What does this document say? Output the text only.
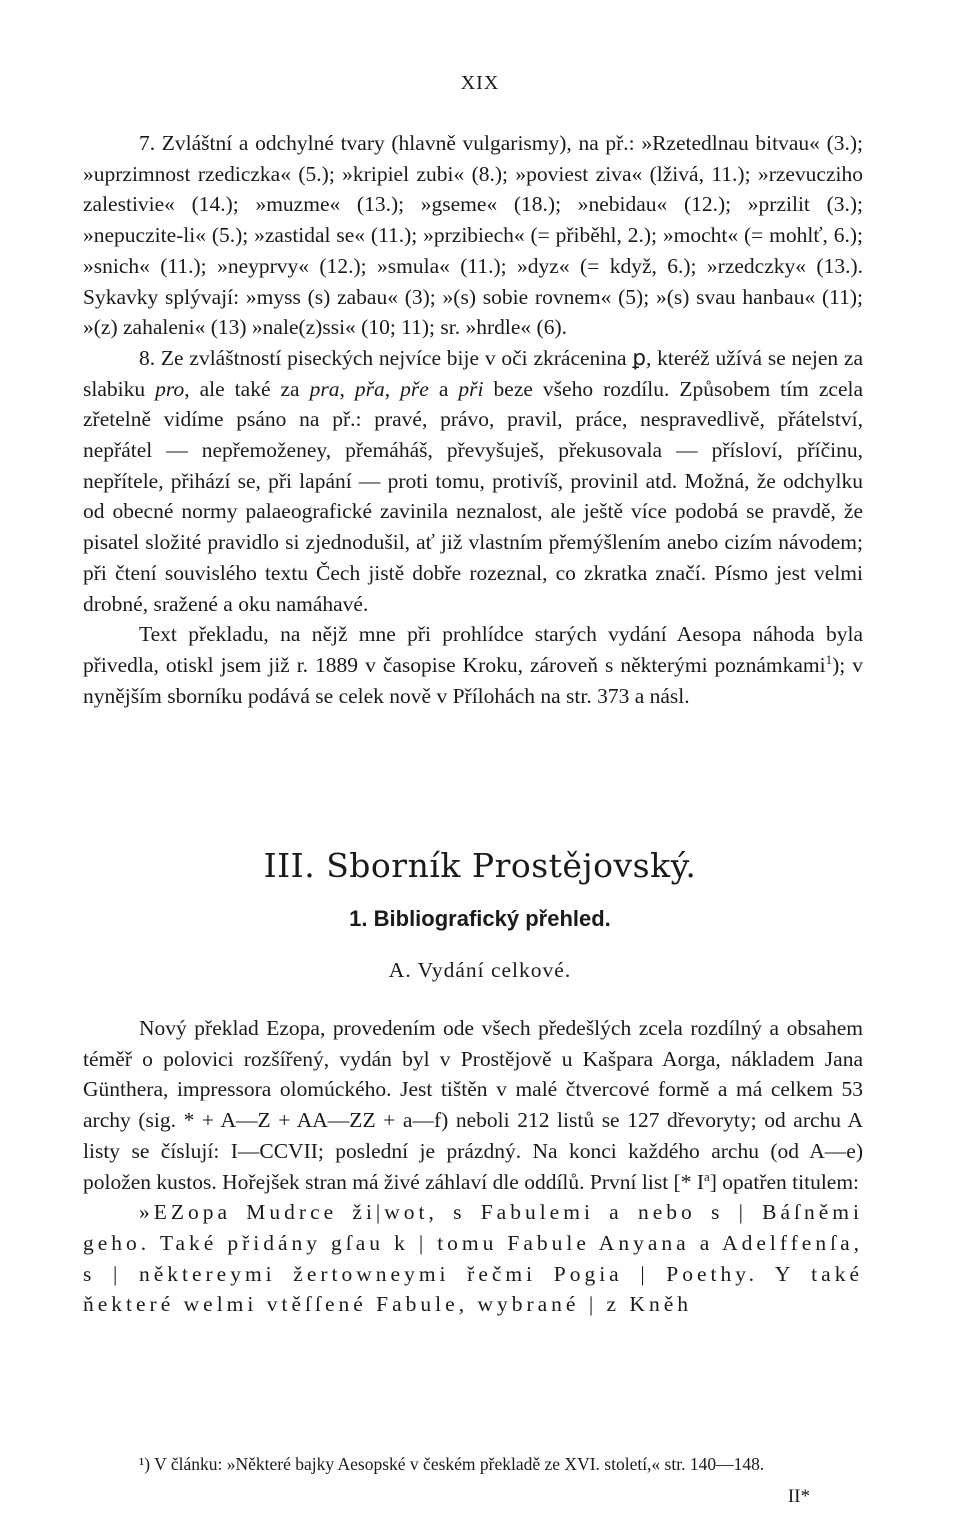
XIX

7. Zvláštní a odchylné tvary (hlavně vulgarismy), na př.: »Rzetedlnau bitvau« (3.); »uprzimnost rzediczka« (5.); »kripiel zubi« (8.); »poviest ziva« (lživá, 11.); »rzevucziho zalestivie« (14.); »muzme« (13.); »gseme« (18.); »nebidau« (12.); »przilit (3.); »nepuczite-li« (5.); »zastidal se« (11.); »przibiech« (= přiběhl, 2.); »mocht« (= mohlť, 6.); »snich« (11.); »neyprvy« (12.); »smula« (11.); »dyz« (= když, 6.); »rzedczky« (13.). Sykavky splývají: »myss (s) zabau« (3); »(s) sobie rovnem« (5); »(s) svau hanbau« (11); »(z) zahaleni« (13) »nale(z)ssi« (10; 11); sr. »hrdle« (6).

8. Ze zvláštností piseckých nejvíce bije v oči zkrácenina ꝑ, kteréž užívá se nejen za slabiku pro, ale také za pra, přa, pře a při beze všeho rozdílu. Způsobem tím zcela zřetelně vidíme psáno na př.: pravé, právo, pravil, práce, nespravedlivě, přátelství, nepřátel — nepřemoženey, přemáháš, převyšuješ, překusovala — přísloví, příčinu, nepřítele, přihází se, při lapání — proti tomu, protivíš, provinil atd. Možná, že odchylku od obecné normy palaeografické zavinila neznalost, ale ještě více podobá se pravdě, že pisatel složité pravidlo si zjednodušil, ať již vlastním přemýšlením anebo cizím návodem; při čtení souvislého textu Čech jistě dobře rozeznal, co zkratka značí. Písmo jest velmi drobné, sražené a oku namáhavé.

Text překladu, na nějž mne při prohlídce starých vydání Aesopa náhoda byla přivedla, otiskl jsem již r. 1889 v časopise Kroku, zároveň s některými poznámkami$^1$); v nynějším sborníku podává se celek nově v Přílohách na str. 373 a násl.

III. Sborník Prostějovský.
1. Bibliografický přehled.
A. Vydání celkové.

Nový překlad Ezopa, provedením ode všech předešlých zcela rozdílný a obsahem téměř o polovici rozšířený, vydán byl v Prostějově u Kašpara Aorga, nákladem Jana Günthera, impressora olomúckého. Jest tištěn v malé čtvercové formě a má celkem 53 archy (sig. * + A—Z + AA—ZZ + a—f) neboli 212 listů se 127 dřevoryty; od archu A listy se číslují: I—CCVII; poslední je prázdný. Na konci každého archu (od A—e) položen kustos. Hořejšek stran má živé záhlaví dle oddílů. První list [* $I^a$] opatřen titulem:

»EZopa Mudrce ži|wot, s Fabulemi a nebo s | Báſněmi geho. Také přidány gſau k | tomu Fabule Anyana a Adelffenſa, s | některeymi žertowneymi řečmi Pogia | Poethy. Y také ňekteré welmi vtěſſené Fabule, wybrané | z Kněh

¹) V článku: »Některé bajky Aesopské v českém překladě ze XVI. století,« str. 140—148.

II*
